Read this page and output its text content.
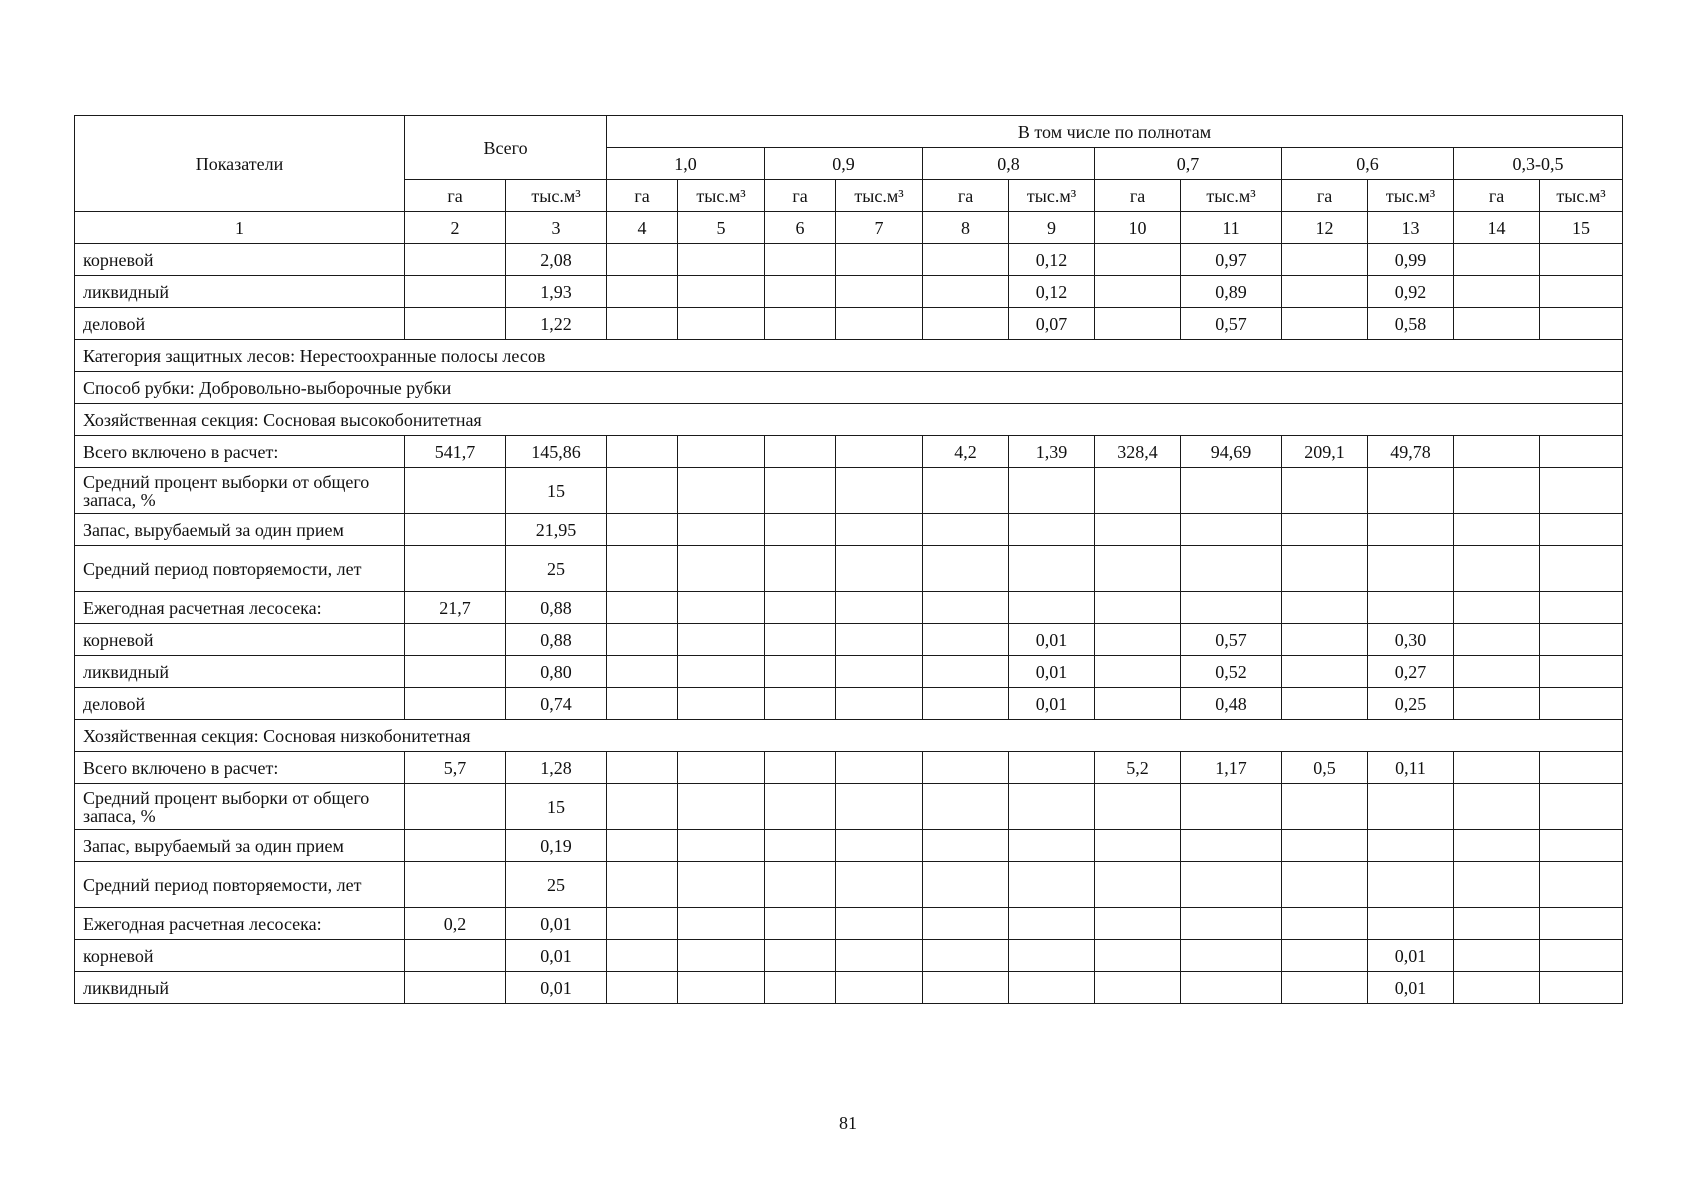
Показатели	Всего		В том числе по полнотам											
			1,0		0,9		0,8		0,7		0,6		0,3-0,5	
	га	тыс.м³	га	тыс.м³	га	тыс.м³	га	тыс.м³	га	тыс.м³	га	тыс.м³	га	тыс.м³
1	2	3	4	5	6	7	8	9	10	11	12	13	14	15
корневой		2,08						0,12		0,97		0,99		
ликвидный		1,93						0,12		0,89		0,92		
деловой		1,22						0,07		0,57		0,58		
Категория защитных лесов: Нерестоохранные полосы лесов														
Способ рубки: Добровольно-выборочные рубки														
Хозяйственная секция: Сосновая высокобонитетная														
Всего включено в расчет:	541,7	145,86					4,2	1,39	328,4	94,69	209,1	49,78		
Средний процент выборки от общего запаса, %		15												
Запас, вырубаемый за один прием		21,95												
Средний период повторяемости, лет		25												
Ежегодная расчетная лесосека:	21,7	0,88												
корневой		0,88						0,01		0,57		0,30		
ликвидный		0,80						0,01		0,52		0,27		
деловой		0,74						0,01		0,48		0,25		
Хозяйственная секция: Сосновая низкобонитетная														
Всего включено в расчет:	5,7	1,28							5,2	1,17	0,5	0,11		
Средний процент выборки от общего запаса, %		15												
Запас, вырубаемый за один прием		0,19												
Средний период повторяемости, лет		25												
Ежегодная расчетная лесосека:	0,2	0,01												
корневой		0,01										0,01		
ликвидный		0,01										0,01		
81
